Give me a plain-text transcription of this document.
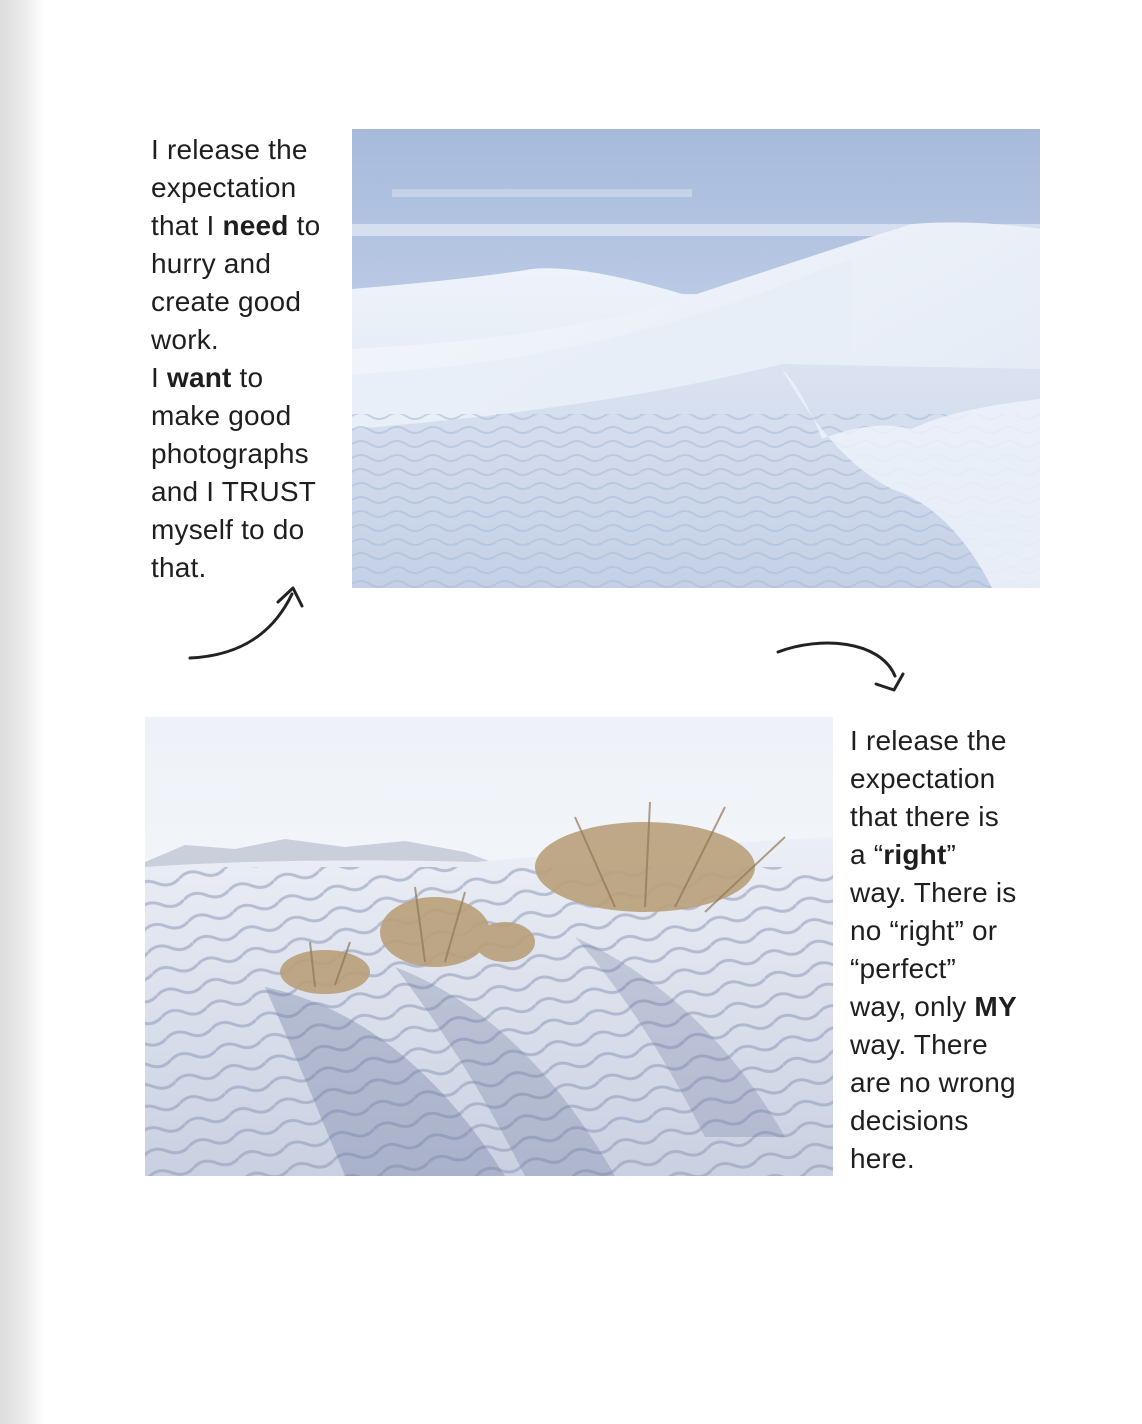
I release the
expectation
that I need to
hurry and
create good
work.
I want to
make good
photographs
and I TRUST
myself to do
that.
I release the
expectation
that there is
a “right”
way. There is
no “right” or
“perfect”
way, only MY
way. There
are no wrong
decisions
here.
